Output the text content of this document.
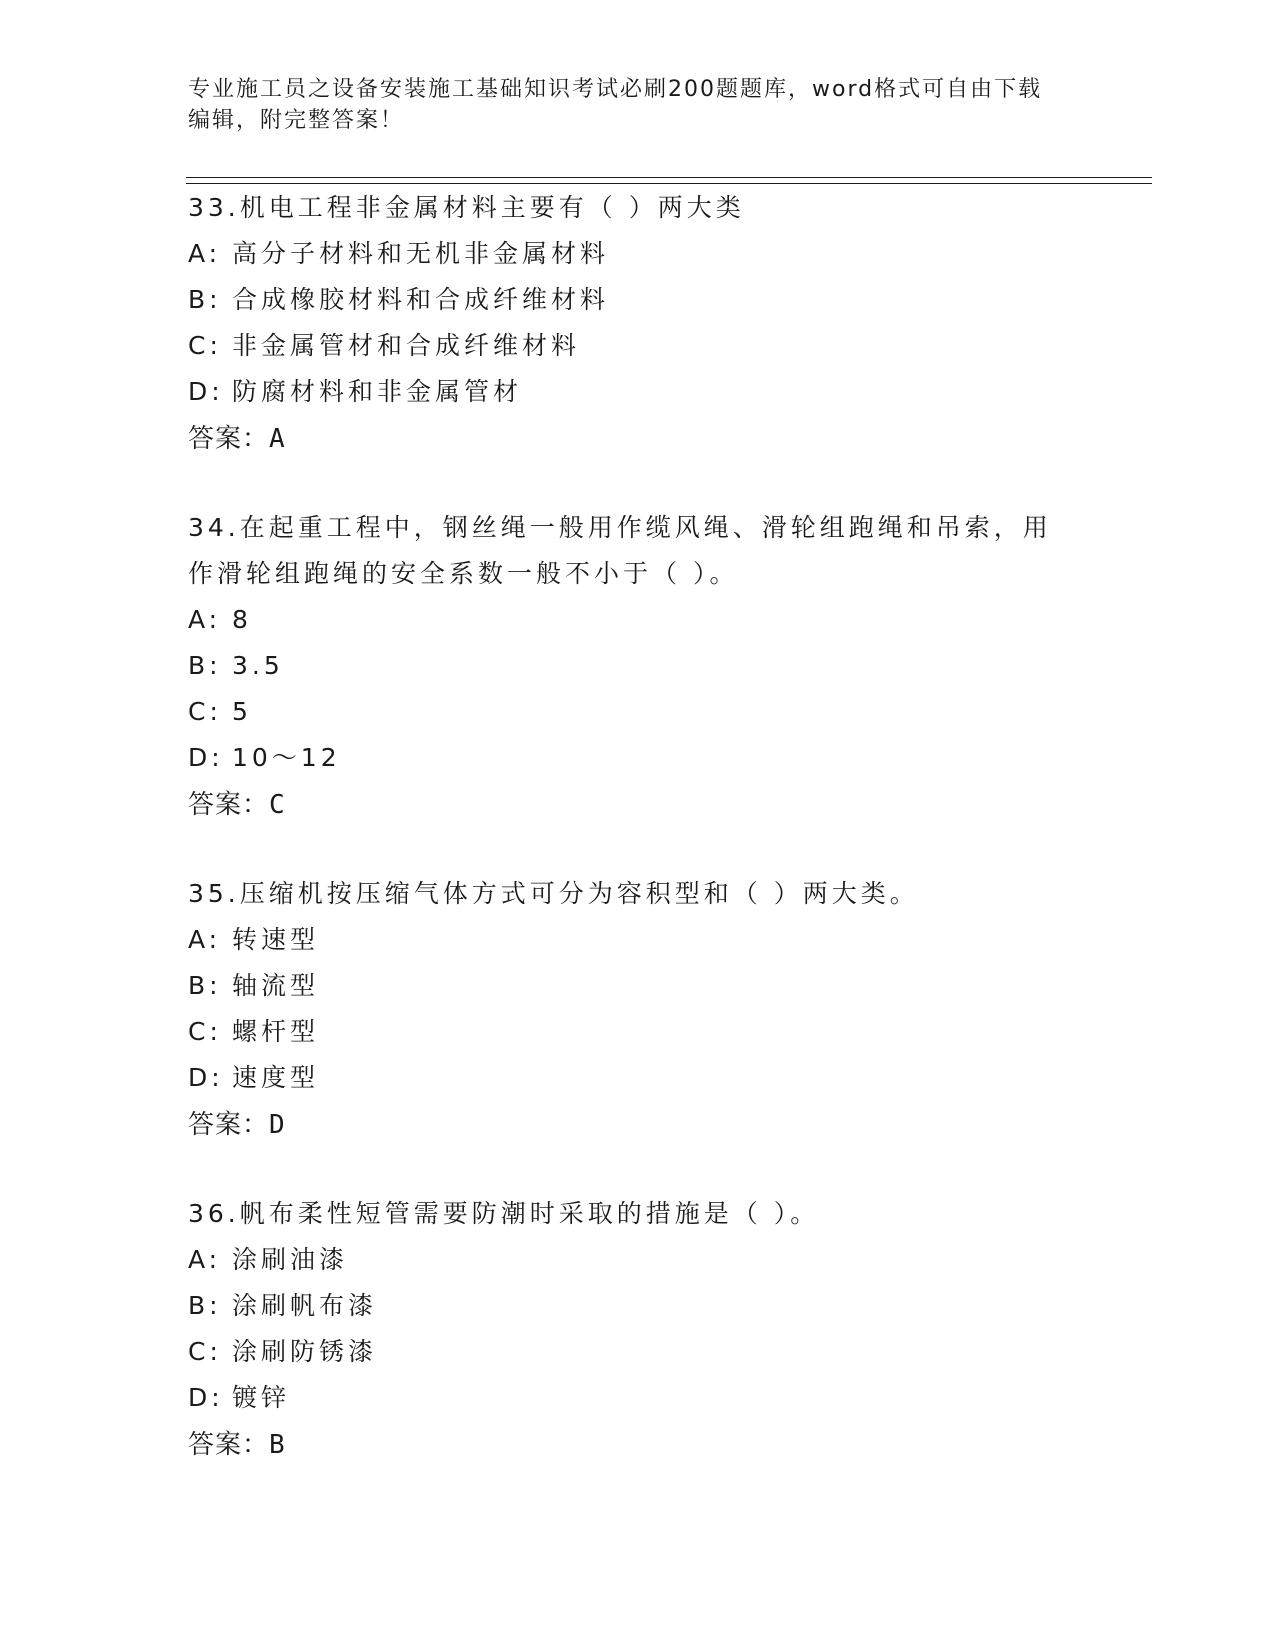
专业施工员之设备安装施工基础知识考试必刷200题题库，word格式可自由下载
编辑，附完整答案！
33.机电工程非金属材料主要有（ ）两大类
A: 高分子材料和无机非金属材料
B: 合成橡胶材料和合成纤维材料
C: 非金属管材和合成纤维材料
D: 防腐材料和非金属管材
答案：A
34.在起重工程中，钢丝绳一般用作缆风绳、滑轮组跑绳和吊索，用作滑轮组跑绳的安全系数一般不小于（ ）。
A: 8
B: 3.5
C: 5
D: 10～12
答案：C
35.压缩机按压缩气体方式可分为容积型和（ ）两大类。
A: 转速型
B: 轴流型
C: 螺杆型
D: 速度型
答案：D
36.帆布柔性短管需要防潮时采取的措施是（ ）。
A: 涂刷油漆
B: 涂刷帆布漆
C: 涂刷防锈漆
D: 镀锌
答案：B
